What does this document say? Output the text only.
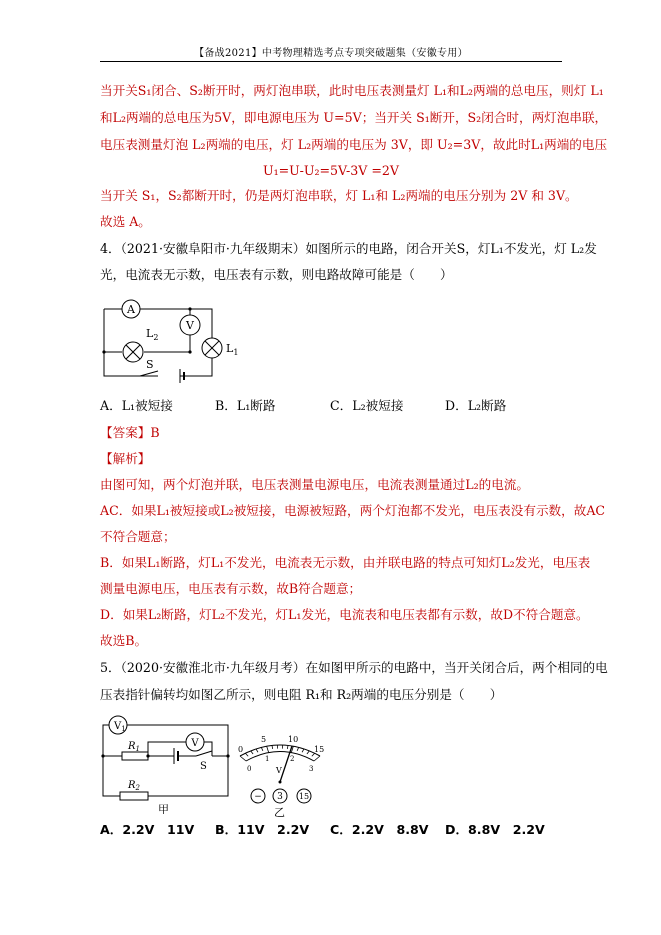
【备战2021】中考物理精选考点专项突破题集（安徽专用）
当开关S₁闭合、S₂断开时，两灯泡串联，此时电压表测量灯 L₁和L₂两端的总电压，则灯 L₁
和L₂两端的总电压为5V，即电源电压为 U=5V；当开关 S₁断开，S₂闭合时，两灯泡串联，
电压表测量灯泡 L₂两端的电压，灯 L₂两端的电压为 3V，即 U₂=3V，故此时L₁两端的电压
U₁=U-U₂=5V-3V =2V
当开关 S₁，S₂都断开时，仍是两灯泡串联，灯 L₁和 L₂两端的电压分别为 2V 和 3V。
故选 A。
4．（2021·安徽阜阳市·九年级期末）如图所示的电路，闭合开关S，灯L₁不发光，灯 L₂发
光，电流表无示数，电压表有示数，则电路故障可能是（　　）
A
V
$L_2$
$L_1$
S
A．L₁被短接	B．L₁断路	C．L₂被短接	D．L₂断路
【答案】B
【解析】
由图可知，两个灯泡并联，电压表测量电源电压，电流表测量通过L₂的电流。
AC．如果L₁被短接或L₂被短接，电源被短路，两个灯泡都不发光，电压表没有示数，故AC
不符合题意；
B．如果L₁断路，灯L₁不发光，电流表无示数，由并联电路的特点可知灯L₂发光，电压表
测量电源电压，电压表有示数，故B符合题意；
D．如果L₂断路，灯L₂不发光，灯L₁发光，电流表和电压表都有示数，故D不符合题意。
故选B。
5．（2020·安徽淮北市·九年级月考）在如图甲所示的电路中，当开关闭合后，两个相同的电
压表指针偏转均如图乙所示，则电阻 R₁和 R₂两端的电压分别是（　　）
$V_1$
V
$R_1$
$R_2$
S
甲
0
5	10
15
0
1	2
3
V
− 3 15
乙
A．2.2V　11V B．11V　2.2V C．2.2V　8.8V D．8.8V　2.2V
